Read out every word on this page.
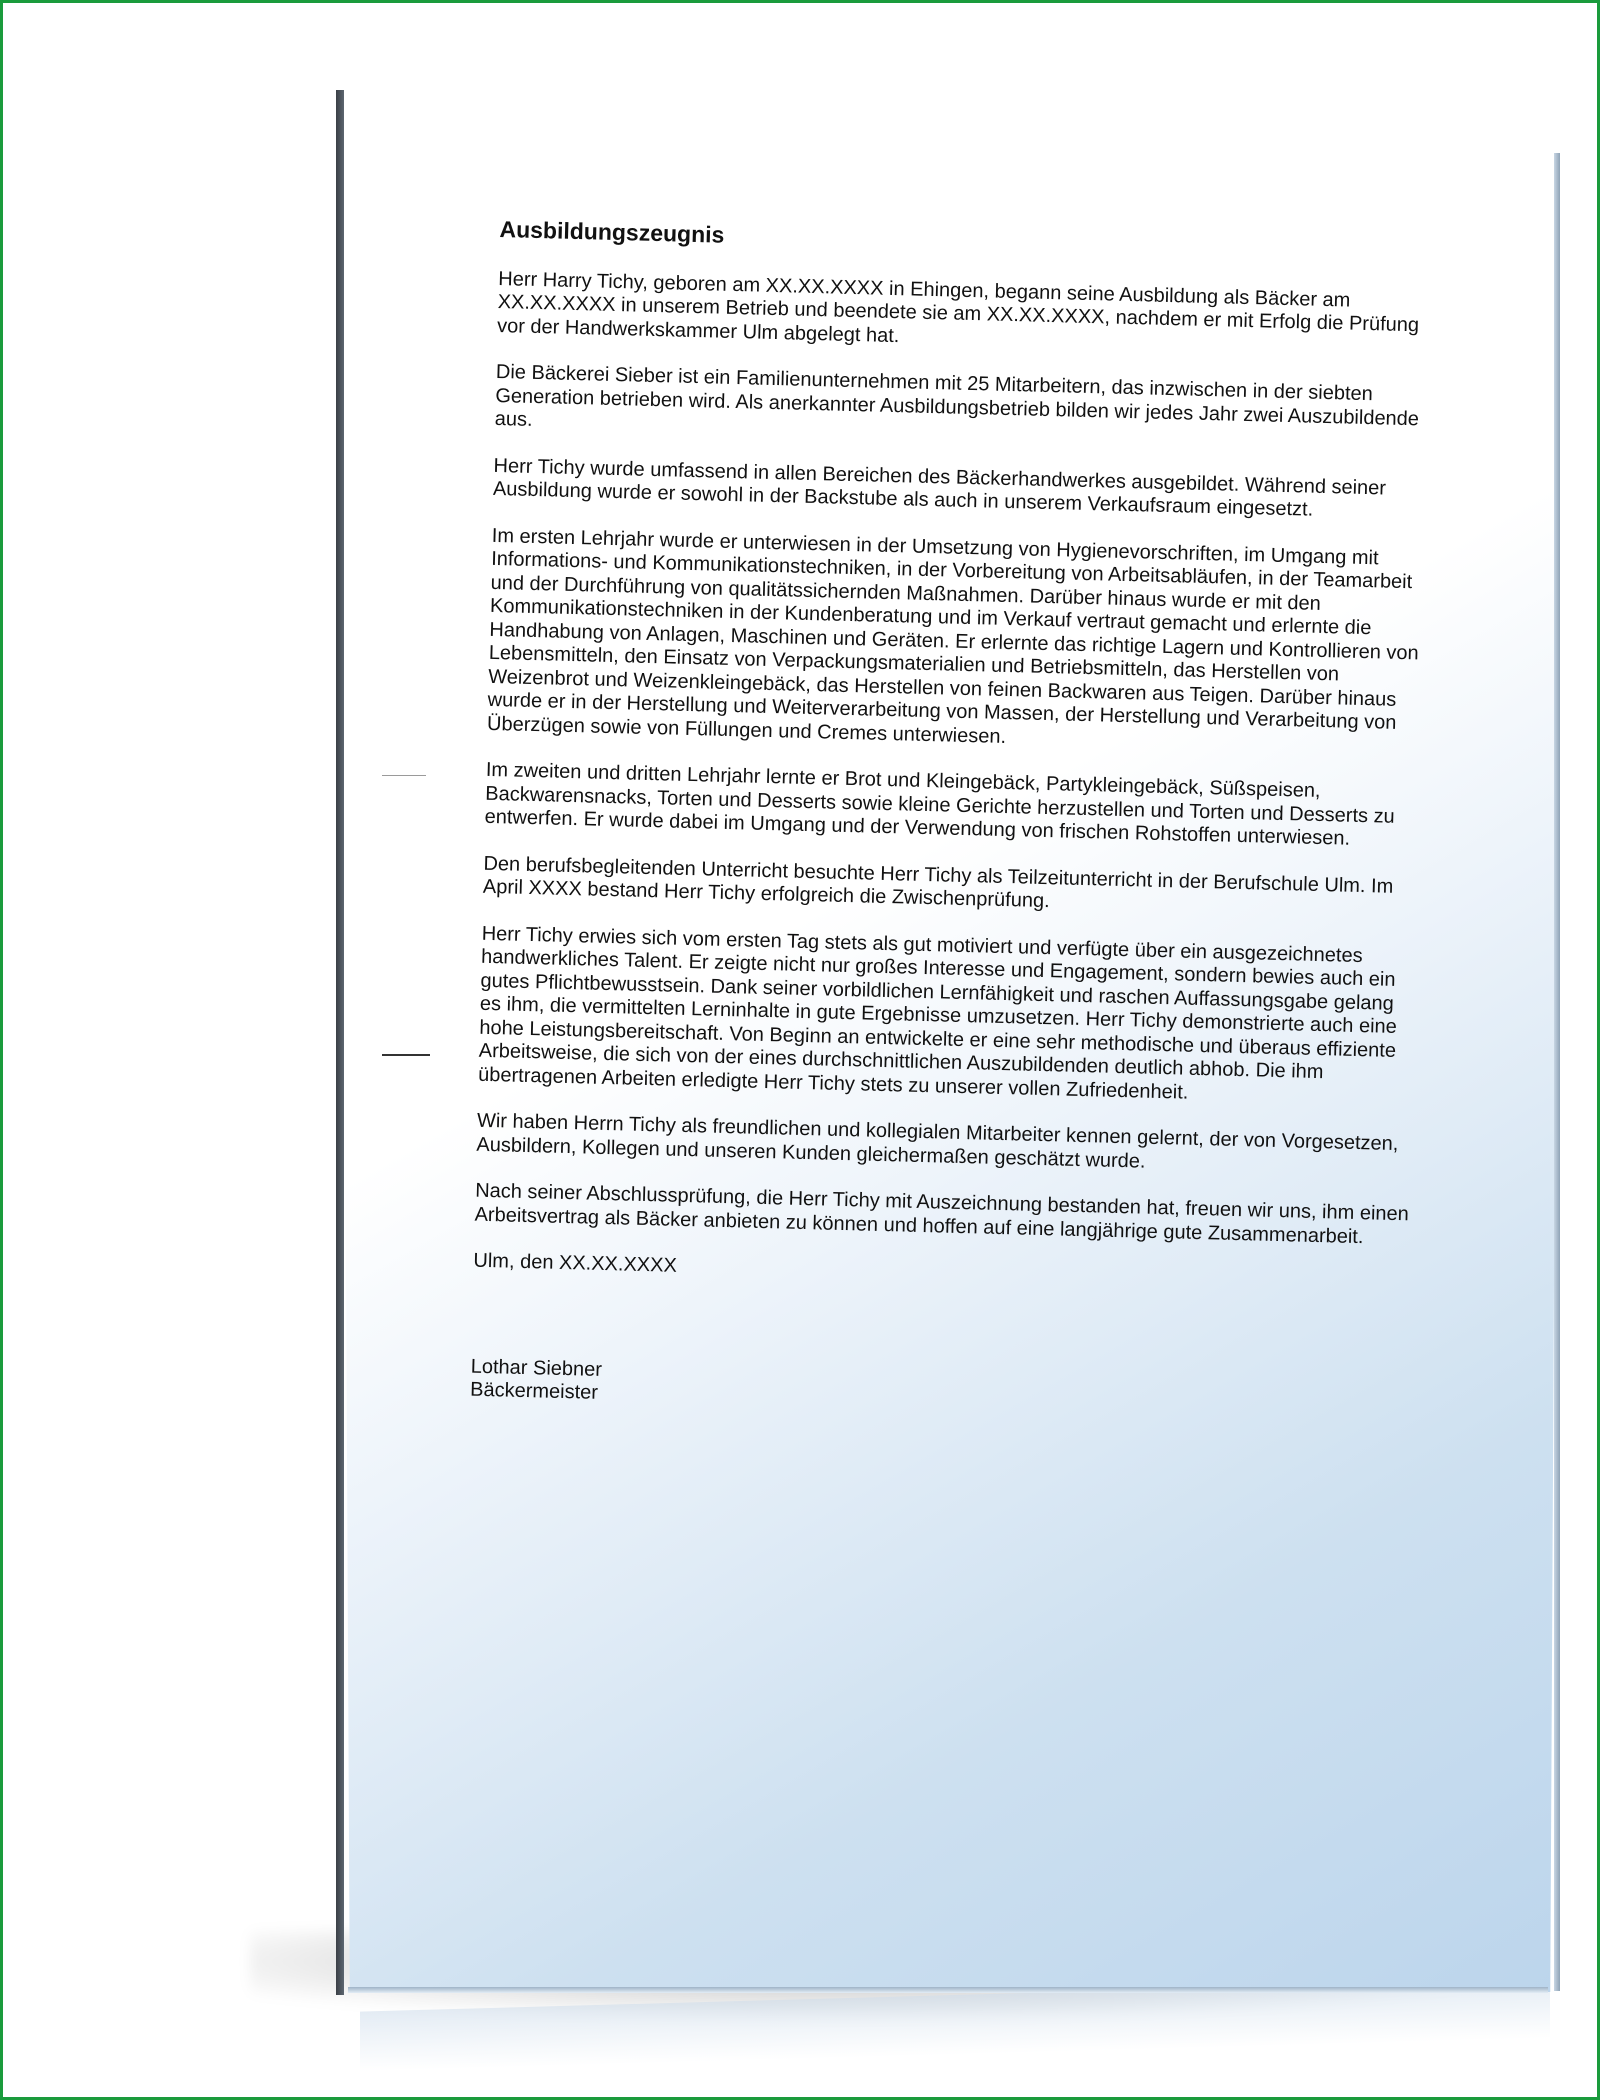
Ausbildungszeugnis

Herr Harry Tichy, geboren am XX.XX.XXXX in Ehingen, begann seine Ausbildung als Bäcker am XX.XX.XXXX in unserem Betrieb und beendete sie am XX.XX.XXXX, nachdem er mit Erfolg die Prüfung vor der Handwerkskammer Ulm abgelegt hat.

Die Bäckerei Sieber ist ein Familienunternehmen mit 25 Mitarbeitern, das inzwischen in der siebten Generation betrieben wird. Als anerkannter Ausbildungsbetrieb bilden wir jedes Jahr zwei Auszubildende aus.

Herr Tichy wurde umfassend in allen Bereichen des Bäckerhandwerkes ausgebildet. Während seiner Ausbildung wurde er sowohl in der Backstube als auch in unserem Verkaufsraum eingesetzt.

Im ersten Lehrjahr wurde er unterwiesen in der Umsetzung von Hygienevorschriften, im Umgang mit Informations- und Kommunikationstechniken, in der Vorbereitung von Arbeitsabläufen, in der Teamarbeit und der Durchführung von qualitätssichernden Maßnahmen. Darüber hinaus wurde er mit den Kommunikationstechniken in der Kundenberatung und im Verkauf vertraut gemacht und erlernte die Handhabung von Anlagen, Maschinen und Geräten. Er erlernte das richtige Lagern und Kontrollieren von Lebensmitteln, den Einsatz von Verpackungsmaterialien und Betriebsmitteln, das Herstellen von Weizenbrot und Weizenkleingebäck, das Herstellen von feinen Backwaren aus Teigen. Darüber hinaus wurde er in der Herstellung und Weiterverarbeitung von Massen, der Herstellung und Verarbeitung von Überzügen sowie von Füllungen und Cremes unterwiesen.

Im zweiten und dritten Lehrjahr lernte er Brot und Kleingebäck, Partykleingebäck, Süßspeisen, Backwarensnacks, Torten und Desserts sowie kleine Gerichte herzustellen und Torten und Desserts zu entwerfen. Er wurde dabei im Umgang und der Verwendung von frischen Rohstoffen unterwiesen.

Den berufsbegleitenden Unterricht besuchte Herr Tichy als Teilzeitunterricht in der Berufschule Ulm. Im April XXXX bestand Herr Tichy erfolgreich die Zwischenprüfung.

Herr Tichy erwies sich vom ersten Tag stets als gut motiviert und verfügte über ein ausgezeichnetes handwerkliches Talent. Er zeigte nicht nur großes Interesse und Engagement, sondern bewies auch ein gutes Pflichtbewusstsein. Dank seiner vorbildlichen Lernfähigkeit und raschen Auffassungsgabe gelang es ihm, die vermittelten Lerninhalte in gute Ergebnisse umzusetzen. Herr Tichy demonstrierte auch eine hohe Leistungsbereitschaft. Von Beginn an entwickelte er eine sehr methodische und überaus effiziente Arbeitsweise, die sich von der eines durchschnittlichen Auszubildenden deutlich abhob. Die ihm übertragenen Arbeiten erledigte Herr Tichy stets zu unserer vollen Zufriedenheit.

Wir haben Herrn Tichy als freundlichen und kollegialen Mitarbeiter kennen gelernt, der von Vorgesetzen, Ausbildern, Kollegen und unseren Kunden gleichermaßen geschätzt wurde.

Nach seiner Abschlussprüfung, die Herr Tichy mit Auszeichnung bestanden hat, freuen wir uns, ihm einen Arbeitsvertrag als Bäcker anbieten zu können und hoffen auf eine langjährige gute Zusammenarbeit.

Ulm, den XX.XX.XXXX

Lothar Siebner

Bäckermeister
